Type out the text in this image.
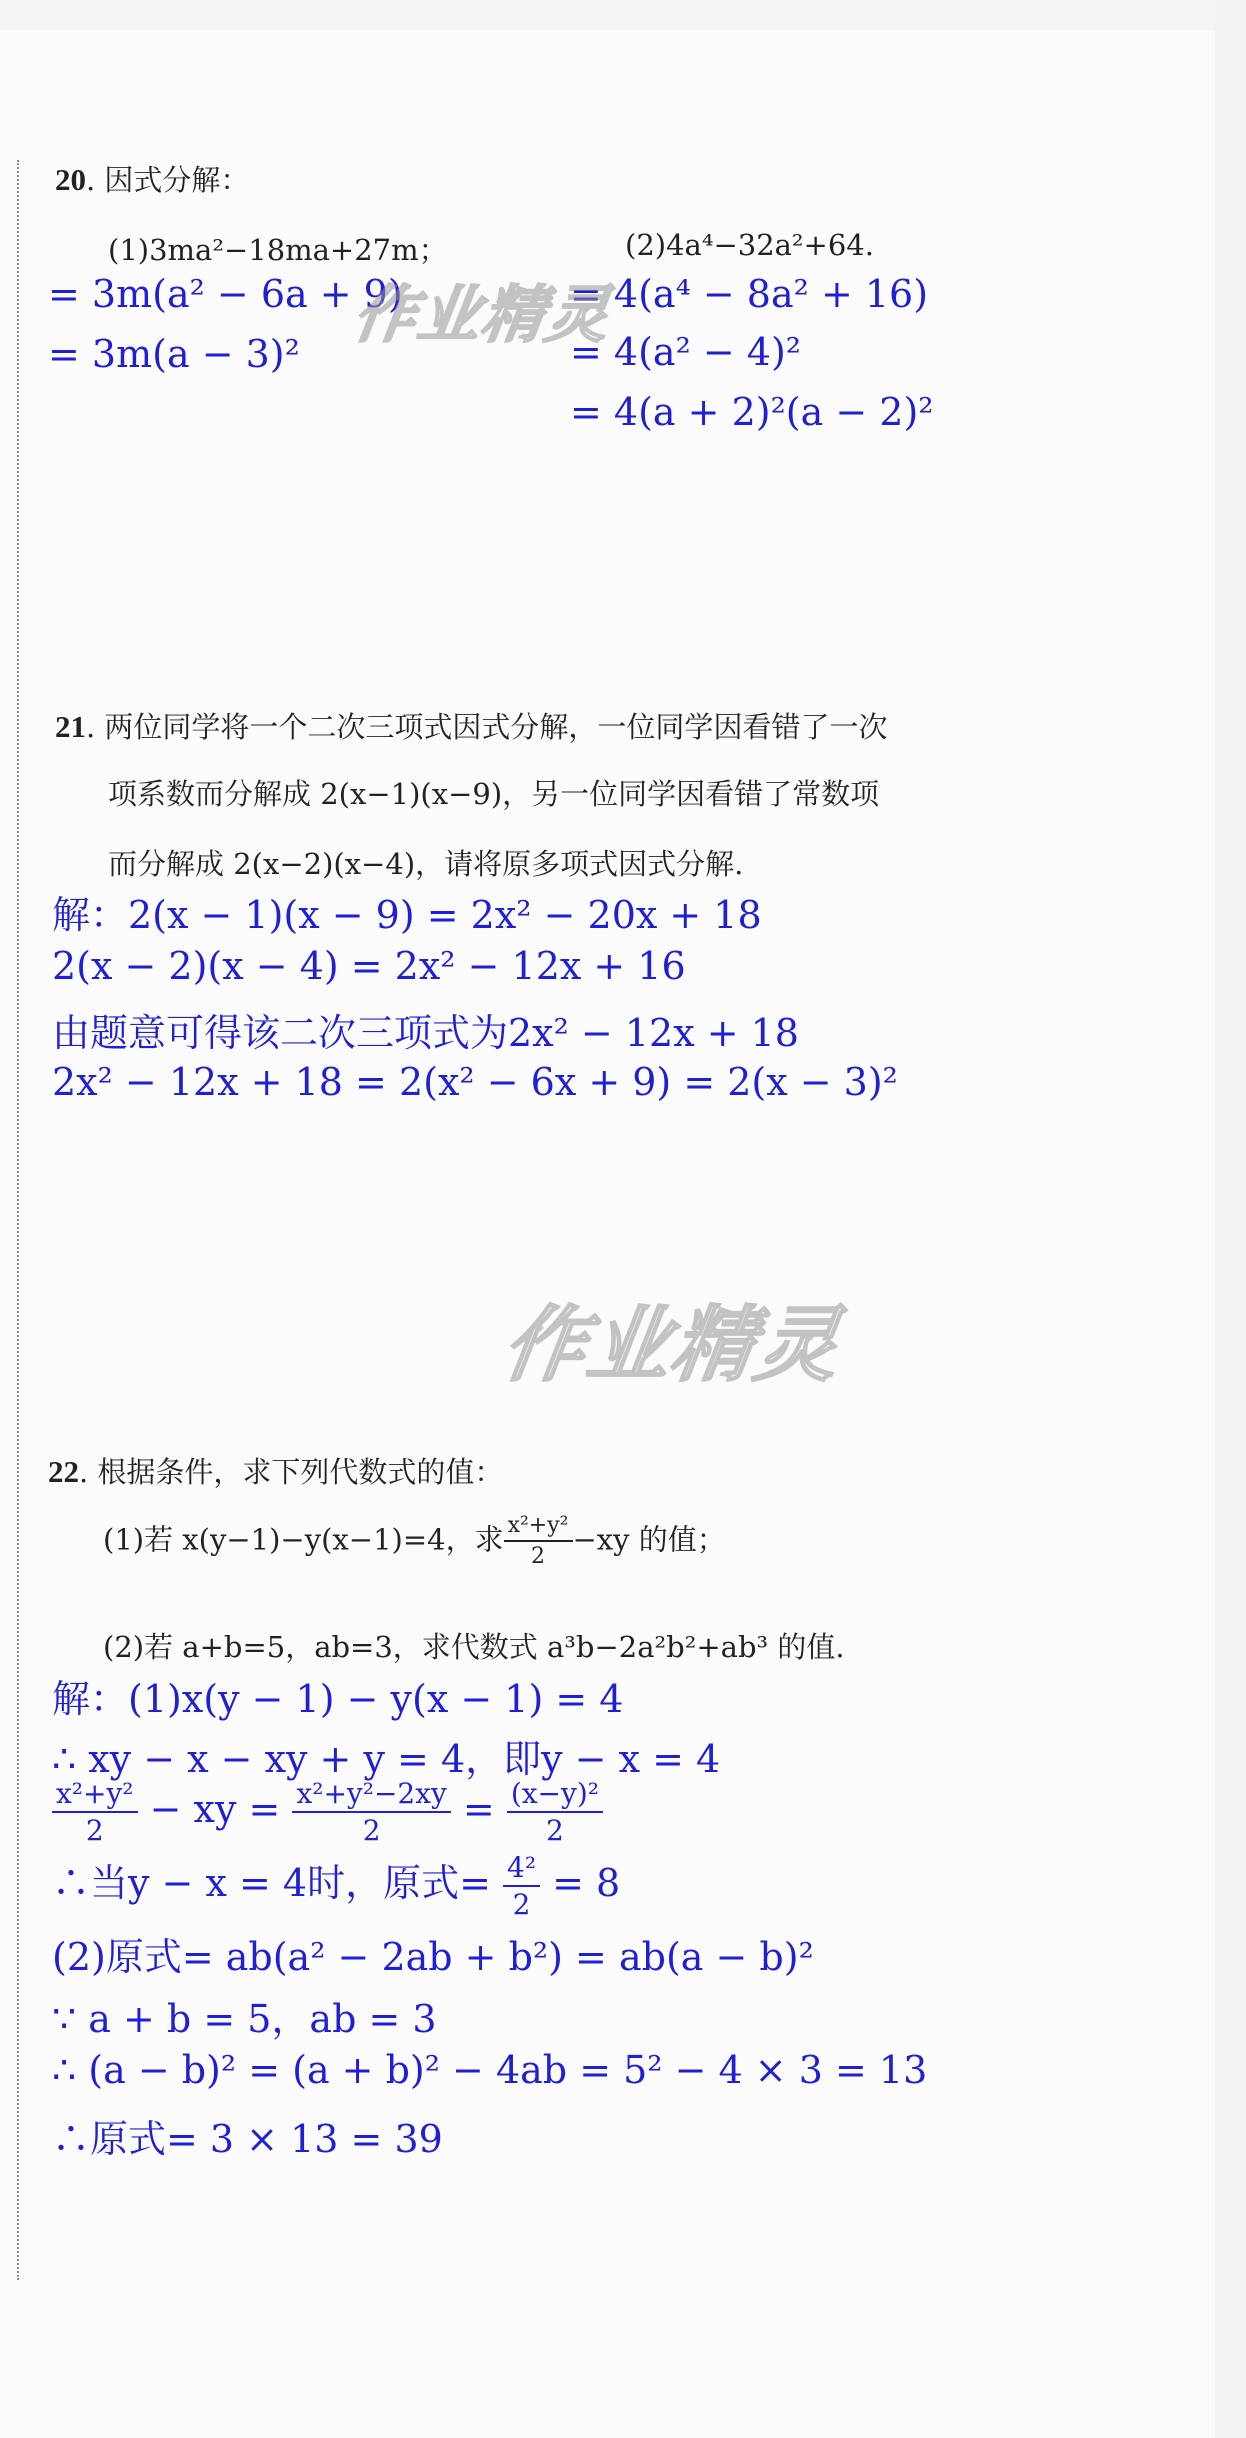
20. 因式分解：
(1)3ma²−18ma+27m；	(2)4a⁴−32a²+64.
= 3m(a² − 6a + 9)
= 3m(a − 3)²
= 4(a⁴ − 8a² + 16)
= 4(a² − 4)²
= 4(a + 2)²(a − 2)²
作业精灵
21. 两位同学将一个二次三项式因式分解，一位同学因看错了一次
项系数而分解成 2(x−1)(x−9)，另一位同学因看错了常数项
而分解成 2(x−2)(x−4)，请将原多项式因式分解.
解：2(x − 1)(x − 9) = 2x² − 20x + 18
2(x − 2)(x − 4) = 2x² − 12x + 16
由题意可得该二次三项式为2x² − 12x + 18
2x² − 12x + 18 = 2(x² − 6x + 9) = 2(x − 3)²
作业精灵
22. 根据条件，求下列代数式的值：
(1)若 x(y−1)−y(x−1)=4，求 $\frac{\text{x²+y²}}{2} -xy$ 的值；
(2)若 a+b=5，ab=3，求代数式 a³b−2a²b²+ab³ 的值.
解：(1)x(y − 1) − y(x − 1) = 4
∴ xy − x − xy + y = 4，即y − x = 4
$\frac{\text{x²+y²}}{2}$ − xy = $\frac{\text{x²+y²−2xy}}{2} = \frac{\text{(x−y)²}}{2}$
∴当y − x = 4时，原式= $\frac{\text{4²}}{2} = 8$
(2)原式= ab(a² − 2ab + b²) = ab(a − b)²
∵ a + b = 5，ab = 3
∴ (a − b)² = (a + b)² − 4ab = 5² − 4 × 3 = 13
∴原式= 3 × 13 = 39
